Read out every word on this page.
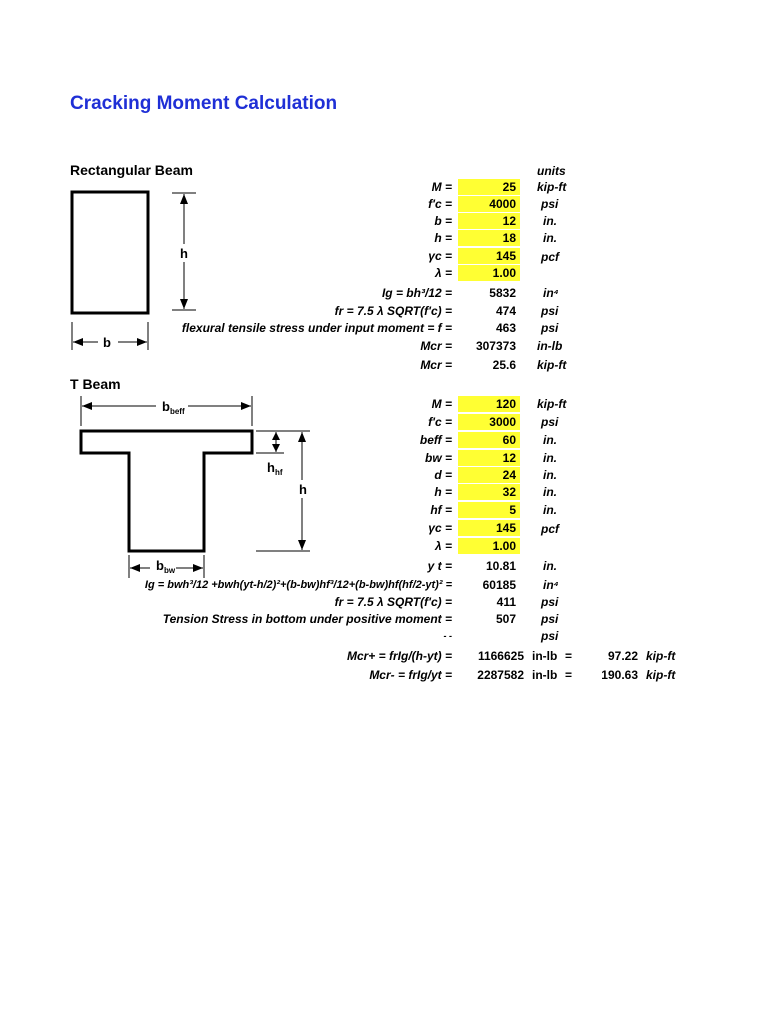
Cracking Moment Calculation
Rectangular Beam	units
h
b
M =	25	kip-ft
f'c =	4000	psi
b =	12	in.
h =	18	in.
γc =	145	pcf
λ =	1.00
Ig = bh³/12 =	5832	in⁴
fr = 7.5 λ SQRT(f'c) =	474	psi
flexural tensile stress under input moment = f =	463	psi
Mcr =	307373	in-lb
Mcr =	25.6	kip-ft
T Beam
$b_{beff}$
$h_{hf}$
h
$b_{bw}$
M =	120	kip-ft
f'c =	3000	psi
beff =	60	in.
bw =	12	in.
d =	24	in.
h =	32	in.
hf =	5	in.
γc =	145	pcf
λ =	1.00
y t =	10.81	in.
Ig = bwh³/12 +bwh(yt-h/2)²+(b-bw)hf³/12+(b-bw)hf(hf/2-yt)² =	60185	in⁴
fr = 7.5 λ SQRT(f'c) =	411	psi
Tension Stress in bottom under positive moment =	507	psi
- -	psi
Mcr+ = frIg/(h-yt) =	1166625 in-lb =	97.22 kip-ft
Mcr- = frIg/yt =	2287582 in-lb =	190.63 kip-ft
